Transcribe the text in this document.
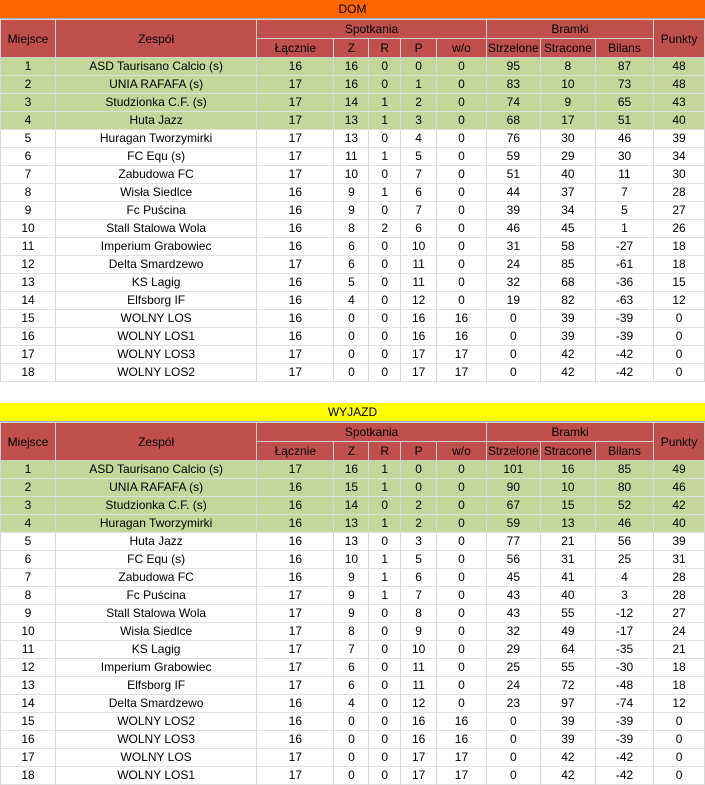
DOM
Miejsce	Zespół	Spotkania					Bramki			Punkty
		Łącznie	Z	R	P	w/o	Strzelone	Stracone	Bilans	
1	ASD Taurisano Calcio (s)	16	16	0	0	0	95	8	87	48
2	UNIA RAFAFA (s)	17	16	0	1	0	83	10	73	48
3	Studzionka C.F. (s)	17	14	1	2	0	74	9	65	43
4	Huta Jazz	17	13	1	3	0	68	17	51	40
5	Huragan Tworzymirki	17	13	0	4	0	76	30	46	39
6	FC Equ (s)	17	11	1	5	0	59	29	30	34
7	Zabudowa FC	17	10	0	7	0	51	40	11	30
8	Wisła Siedlce	16	9	1	6	0	44	37	7	28
9	Fc Puścina	16	9	0	7	0	39	34	5	27
10	Stall Stalowa Wola	16	8	2	6	0	46	45	1	26
11	Imperium Grabowiec	16	6	0	10	0	31	58	-27	18
12	Delta Smardzewo	17	6	0	11	0	24	85	-61	18
13	KS Lagig	16	5	0	11	0	32	68	-36	15
14	Elfsborg IF	16	4	0	12	0	19	82	-63	12
15	WOLNY LOS	16	0	0	16	16	0	39	-39	0
16	WOLNY LOS1	16	0	0	16	16	0	39	-39	0
17	WOLNY LOS3	17	0	0	17	17	0	42	-42	0
18	WOLNY LOS2	17	0	0	17	17	0	42	-42	0
WYJAZD
Miejsce	Zespół	Spotkania					Bramki			Punkty
		Łącznie	Z	R	P	w/o	Strzelone	Stracone	Bilans	
1	ASD Taurisano Calcio (s)	17	16	1	0	0	101	16	85	49
2	UNIA RAFAFA (s)	16	15	1	0	0	90	10	80	46
3	Studzionka C.F. (s)	16	14	0	2	0	67	15	52	42
4	Huragan Tworzymirki	16	13	1	2	0	59	13	46	40
5	Huta Jazz	16	13	0	3	0	77	21	56	39
6	FC Equ (s)	16	10	1	5	0	56	31	25	31
7	Zabudowa FC	16	9	1	6	0	45	41	4	28
8	Fc Puścina	17	9	1	7	0	43	40	3	28
9	Stall Stalowa Wola	17	9	0	8	0	43	55	-12	27
10	Wisła Siedlce	17	8	0	9	0	32	49	-17	24
11	KS Lagig	17	7	0	10	0	29	64	-35	21
12	Imperium Grabowiec	17	6	0	11	0	25	55	-30	18
13	Elfsborg IF	17	6	0	11	0	24	72	-48	18
14	Delta Smardzewo	16	4	0	12	0	23	97	-74	12
15	WOLNY LOS2	16	0	0	16	16	0	39	-39	0
16	WOLNY LOS3	16	0	0	16	16	0	39	-39	0
17	WOLNY LOS	17	0	0	17	17	0	42	-42	0
18	WOLNY LOS1	17	0	0	17	17	0	42	-42	0
